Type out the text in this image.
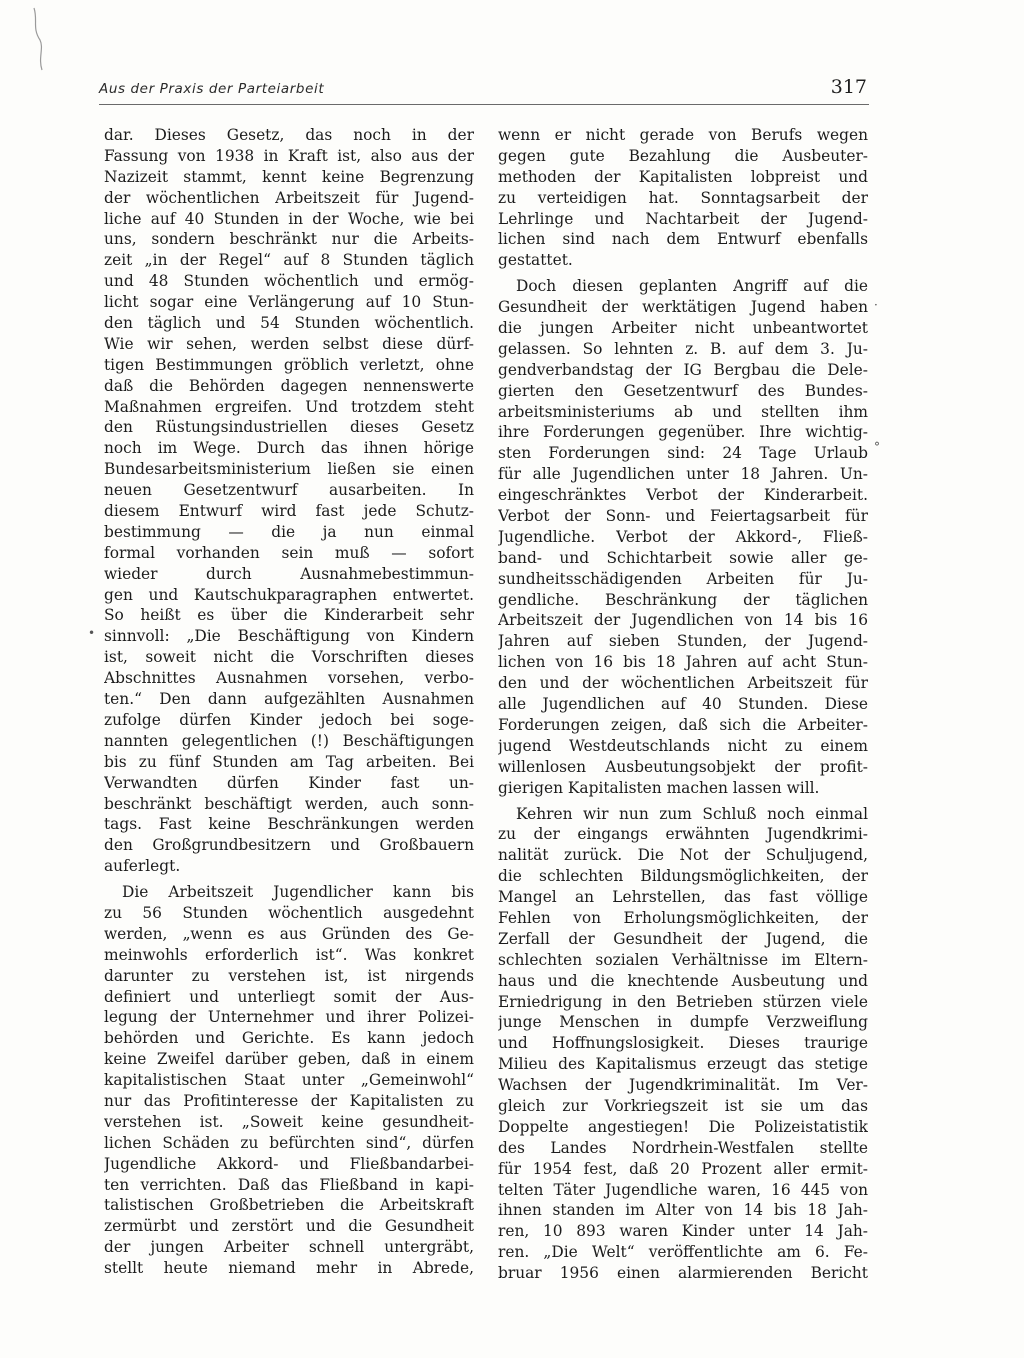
Aus der Praxis der Parteiarbeit	317
dar. Dieses Gesetz, das noch in der
Fassung von 1938 in Kraft ist, also aus der
Nazizeit stammt, kennt keine Begrenzung
der wöchentlichen Arbeitszeit für Jugend-
liche auf 40 Stunden in der Woche, wie bei
uns, sondern beschränkt nur die Arbeits-
zeit „in der Regel“ auf 8 Stunden täglich
und 48 Stunden wöchentlich und ermög-
licht sogar eine Verlängerung auf 10 Stun-
den täglich und 54 Stunden wöchentlich.
Wie wir sehen, werden selbst diese dürf-
tigen Bestimmungen gröblich verletzt, ohne
daß die Behörden dagegen nennenswerte
Maßnahmen ergreifen. Und trotzdem steht
den Rüstungsindustriellen dieses Gesetz
noch im Wege. Durch das ihnen hörige
Bundesarbeitsministerium ließen sie einen
neuen Gesetzentwurf ausarbeiten. In
diesem Entwurf wird fast jede Schutz-
bestimmung — die ja nun einmal
formal vorhanden sein muß — sofort
wieder durch Ausnahmebestimmun-
gen und Kautschukparagraphen entwertet.
So heißt es über die Kinderarbeit sehr
sinnvoll: „Die Beschäftigung von Kindern
ist, soweit nicht die Vorschriften dieses
Abschnittes Ausnahmen vorsehen, verbo-
ten.“ Den dann aufgezählten Ausnahmen
zufolge dürfen Kinder jedoch bei soge-
nannten gelegentlichen (!) Beschäftigungen
bis zu fünf Stunden am Tag arbeiten. Bei
Verwandten dürfen Kinder fast un-
beschränkt beschäftigt werden, auch sonn-
tags. Fast keine Beschränkungen werden
den Großgrundbesitzern und Großbauern
auferlegt.
Die Arbeitszeit Jugendlicher kann bis
zu 56 Stunden wöchentlich ausgedehnt
werden, „wenn es aus Gründen des Ge-
meinwohls erforderlich ist“. Was konkret
darunter zu verstehen ist, ist nirgends
definiert und unterliegt somit der Aus-
legung der Unternehmer und ihrer Polizei-
behörden und Gerichte. Es kann jedoch
keine Zweifel darüber geben, daß in einem
kapitalistischen Staat unter „Gemeinwohl“
nur das Profitinteresse der Kapitalisten zu
verstehen ist. „Soweit keine gesundheit-
lichen Schäden zu befürchten sind“, dürfen
Jugendliche Akkord- und Fließbandarbei-
ten verrichten. Daß das Fließband in kapi-
talistischen Großbetrieben die Arbeitskraft
zermürbt und zerstört und die Gesundheit
der jungen Arbeiter schnell untergräbt,
stellt heute niemand mehr in Abrede,
wenn er nicht gerade von Berufs wegen
gegen gute Bezahlung die Ausbeuter-
methoden der Kapitalisten lobpreist und
zu verteidigen hat. Sonntagsarbeit der
Lehrlinge und Nachtarbeit der Jugend-
lichen sind nach dem Entwurf ebenfalls
gestattet.
Doch diesen geplanten Angriff auf die
Gesundheit der werktätigen Jugend haben
die jungen Arbeiter nicht unbeantwortet
gelassen. So lehnten z. B. auf dem 3. Ju-
gendverbandstag der IG Bergbau die Dele-
gierten den Gesetzentwurf des Bundes-
arbeitsministeriums ab und stellten ihm
ihre Forderungen gegenüber. Ihre wichtig-
sten Forderungen sind: 24 Tage Urlaub
für alle Jugendlichen unter 18 Jahren. Un-
eingeschränktes Verbot der Kinderarbeit.
Verbot der Sonn- und Feiertagsarbeit für
Jugendliche. Verbot der Akkord-, Fließ-
band- und Schichtarbeit sowie aller ge-
sundheitsschädigenden Arbeiten für Ju-
gendliche. Beschränkung der täglichen
Arbeitszeit der Jugendlichen von 14 bis 16
Jahren auf sieben Stunden, der Jugend-
lichen von 16 bis 18 Jahren auf acht Stun-
den und der wöchentlichen Arbeitszeit für
alle Jugendlichen auf 40 Stunden. Diese
Forderungen zeigen, daß sich die Arbeiter-
jugend Westdeutschlands nicht zu einem
willenlosen Ausbeutungsobjekt der profit-
gierigen Kapitalisten machen lassen will.
Kehren wir nun zum Schluß noch einmal
zu der eingangs erwähnten Jugendkrimi-
nalität zurück. Die Not der Schuljugend,
die schlechten Bildungsmöglichkeiten, der
Mangel an Lehrstellen, das fast völlige
Fehlen von Erholungsmöglichkeiten, der
Zerfall der Gesundheit der Jugend, die
schlechten sozialen Verhältnisse im Eltern-
haus und die knechtende Ausbeutung und
Erniedrigung in den Betrieben stürzen viele
junge Menschen in dumpfe Verzweiflung
und Hoffnungslosigkeit. Dieses traurige
Milieu des Kapitalismus erzeugt das stetige
Wachsen der Jugendkriminalität. Im Ver-
gleich zur Vorkriegszeit ist sie um das
Doppelte angestiegen! Die Polizeistatistik
des Landes Nordrhein-Westfalen stellte
für 1954 fest, daß 20 Prozent aller ermit-
telten Täter Jugendliche waren, 16 445 von
ihnen standen im Alter von 14 bis 18 Jah-
ren, 10 893 waren Kinder unter 14 Jah-
ren. „Die Welt“ veröffentlichte am 6. Fe-
bruar 1956 einen alarmierenden Bericht
•
·
°
